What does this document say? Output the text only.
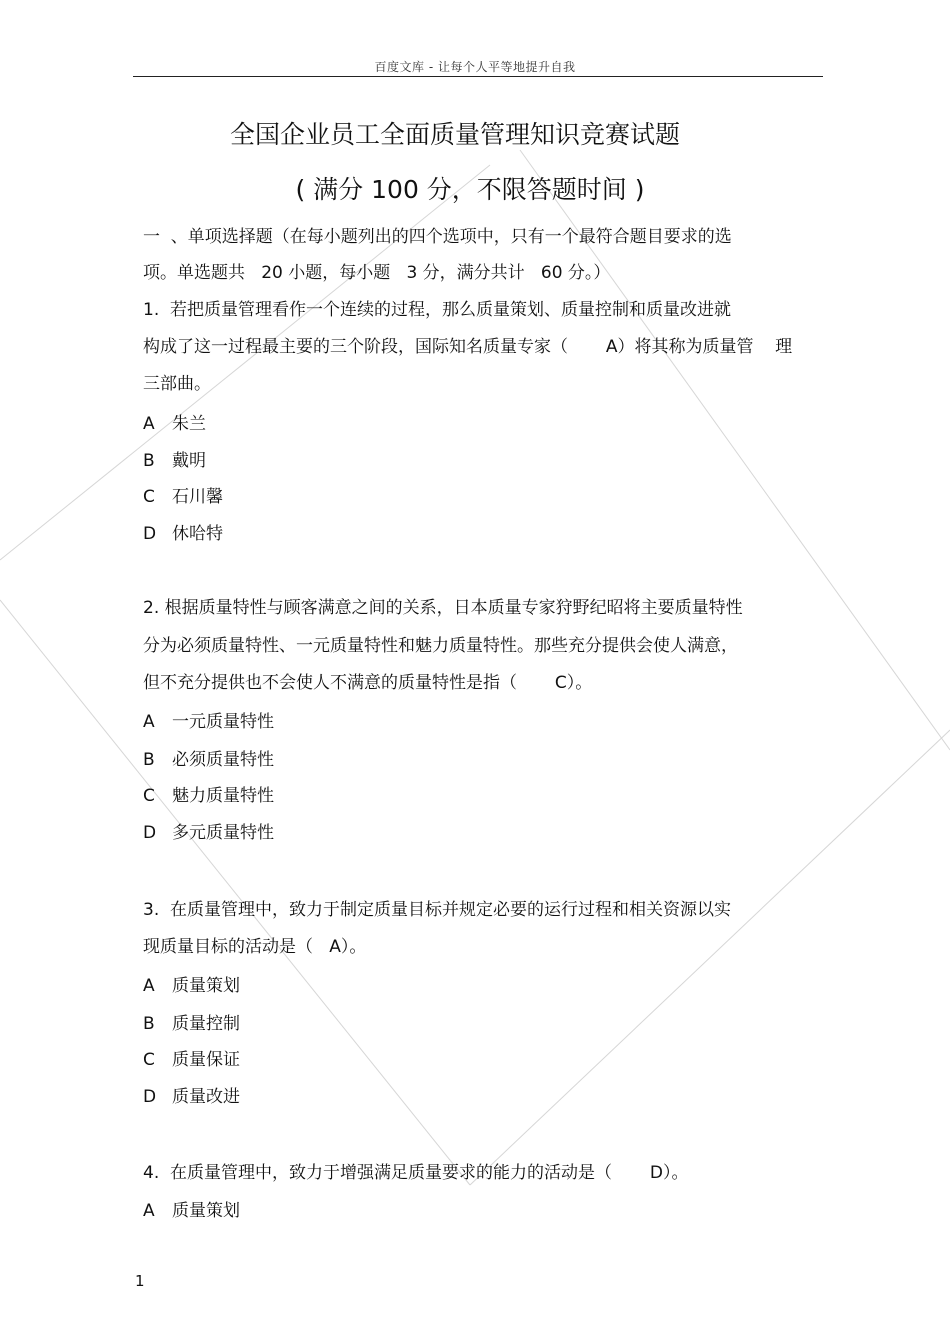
百度文库 - 让每个人平等地提升自我
全国企业员工全面质量管理知识竞赛试题
( 满分 100 分，不限答题时间 )
一  、单项选择题（在每小题列出的四个选项中，只有一个最符合题目要求的选
项。单选题共   20 小题，每小题   3 分，满分共计   60 分。）
1.  若把质量管理看作一个连续的过程，那么质量策划、质量控制和质量改进就
构成了这一过程最主要的三个阶段，国际知名质量专家（       A）将其称为质量管    理
三部曲。
A 朱兰
B 戴明
C 石川馨
D 休哈特
2. 根据质量特性与顾客满意之间的关系，日本质量专家狩野纪昭将主要质量特性
分为必须质量特性、一元质量特性和魅力质量特性。那些充分提供会使人满意，
但不充分提供也不会使人不满意的质量特性是指（       C）。
A 一元质量特性
B 必须质量特性
C 魅力质量特性
D 多元质量特性
3.  在质量管理中，致力于制定质量目标并规定必要的运行过程和相关资源以实
现质量目标的活动是（   A）。
A 质量策划
B 质量控制
C 质量保证
D 质量改进
4.  在质量管理中，致力于增强满足质量要求的能力的活动是（       D）。
A 质量策划
1
